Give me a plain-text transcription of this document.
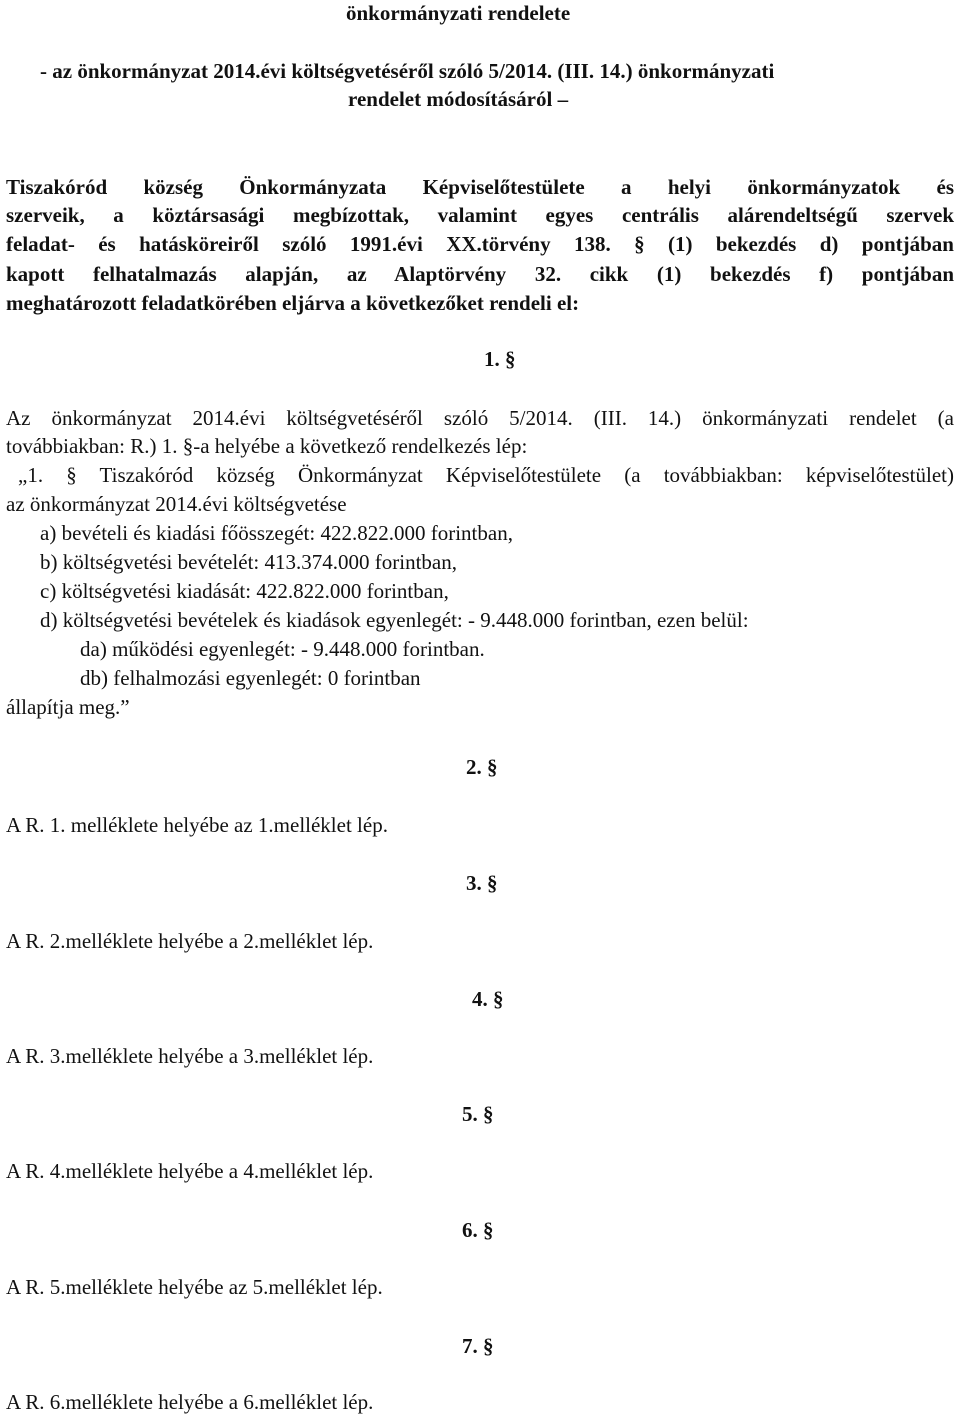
önkormányzati rendelete
- az önkormányzat 2014.évi költségvetéséről szóló 5/2014. (III. 14.) önkormányzati
rendelet módosításáról –
Tiszakóród község Önkormányzata Képviselőtestülete a helyi önkormányzatok és
szerveik, a köztársasági megbízottak, valamint egyes centrális alárendeltségű szervek
feladat- és hatásköreiről szóló 1991.évi XX.törvény 138. § (1) bekezdés d) pontjában
kapott felhatalmazás alapján, az Alaptörvény 32. cikk (1) bekezdés f) pontjában
meghatározott feladatkörében eljárva a következőket rendeli el:
1. §
Az önkormányzat 2014.évi költségvetéséről szóló 5/2014. (III. 14.) önkormányzati rendelet (a
továbbiakban: R.) 1. §-a helyébe a következő rendelkezés lép:
„1. § Tiszakóród község Önkormányzat Képviselőtestülete (a továbbiakban: képviselőtestület)
az önkormányzat 2014.évi költségvetése
a) bevételi és kiadási főösszegét: 422.822.000 forintban,
b) költségvetési bevételét: 413.374.000 forintban,
c) költségvetési kiadását: 422.822.000 forintban,
d) költségvetési bevételek és kiadások egyenlegét: - 9.448.000 forintban, ezen belül:
da) működési egyenlegét: - 9.448.000 forintban.
db) felhalmozási egyenlegét: 0 forintban
állapítja meg.”
2. §
A R. 1. melléklete helyébe az 1.melléklet lép.
3. §
A R. 2.melléklete helyébe a 2.melléklet lép.
4. §
A R. 3.melléklete helyébe a 3.melléklet lép.
5. §
A R. 4.melléklete helyébe a 4.melléklet lép.
6. §
A R. 5.melléklete helyébe az 5.melléklet lép.
7. §
A R. 6.melléklete helyébe a 6.melléklet lép.
